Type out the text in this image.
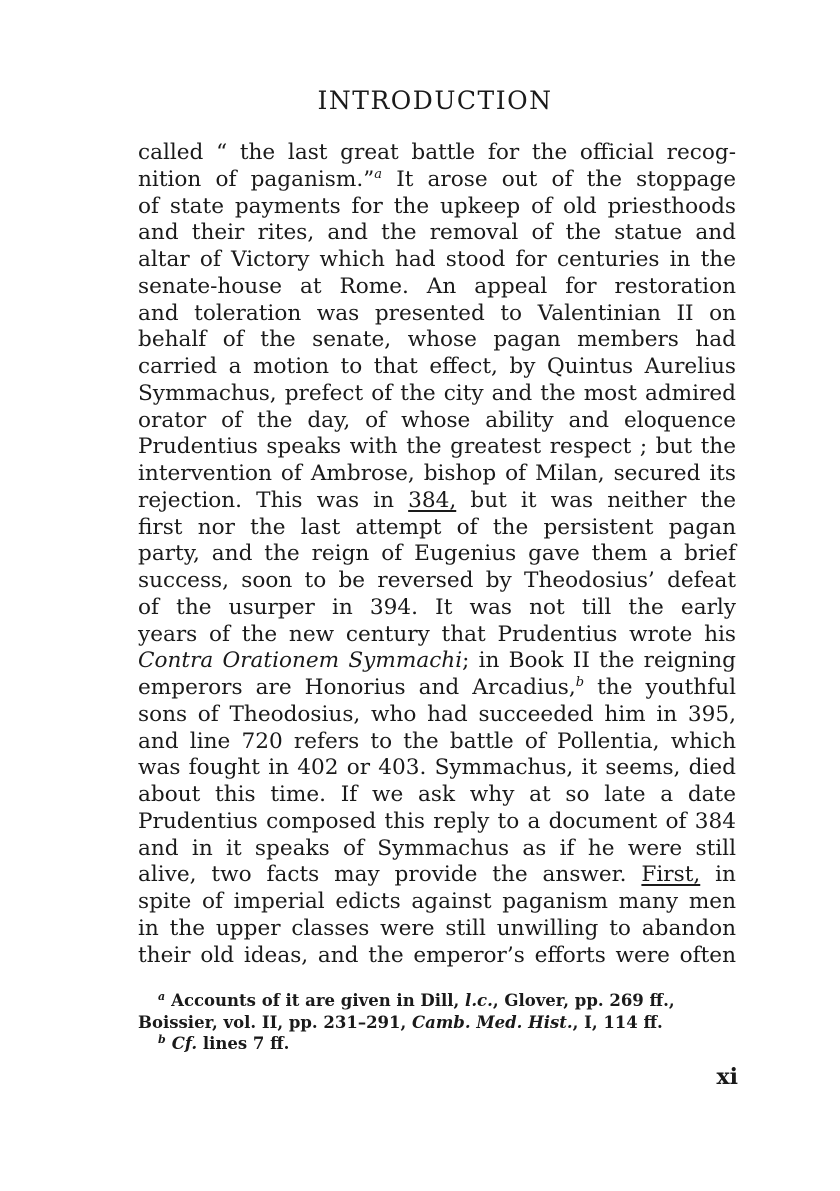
INTRODUCTION
called “ the last great battle for the official recog-
nition of paganism.”$^a$ It arose out of the stoppage
of state payments for the upkeep of old priesthoods
and their rites, and the removal of the statue and
altar of Victory which had stood for centuries in the
senate-house at Rome. An appeal for restoration
and toleration was presented to Valentinian II on
behalf of the senate, whose pagan members had
carried a motion to that effect, by Quintus Aurelius
Symmachus, prefect of the city and the most admired
orator of the day, of whose ability and eloquence
Prudentius speaks with the greatest respect ; but the
intervention of Ambrose, bishop of Milan, secured its
rejection. This was in 384, but it was neither the
first nor the last attempt of the persistent pagan
party, and the reign of Eugenius gave them a brief
success, soon to be reversed by Theodosius’ defeat
of the usurper in 394. It was not till the early
years of the new century that Prudentius wrote his
Contra Orationem Symmachi; in Book II the reigning
emperors are Honorius and Arcadius,$^b$ the youthful
sons of Theodosius, who had succeeded him in 395,
and line 720 refers to the battle of Pollentia, which
was fought in 402 or 403. Symmachus, it seems, died
about this time. If we ask why at so late a date
Prudentius composed this reply to a document of 384
and in it speaks of Symmachus as if he were still
alive, two facts may provide the answer. First, in
spite of imperial edicts against paganism many men
in the upper classes were still unwilling to abandon
their old ideas, and the emperor’s efforts were often
$^a$ Accounts of it are given in Dill, l.c., Glover, pp. 269 ff.,
Boissier, vol. II, pp. 231–291, Camb. Med. Hist., I, 114 ff.
$^b$ Cf. lines 7 ff.
xi
